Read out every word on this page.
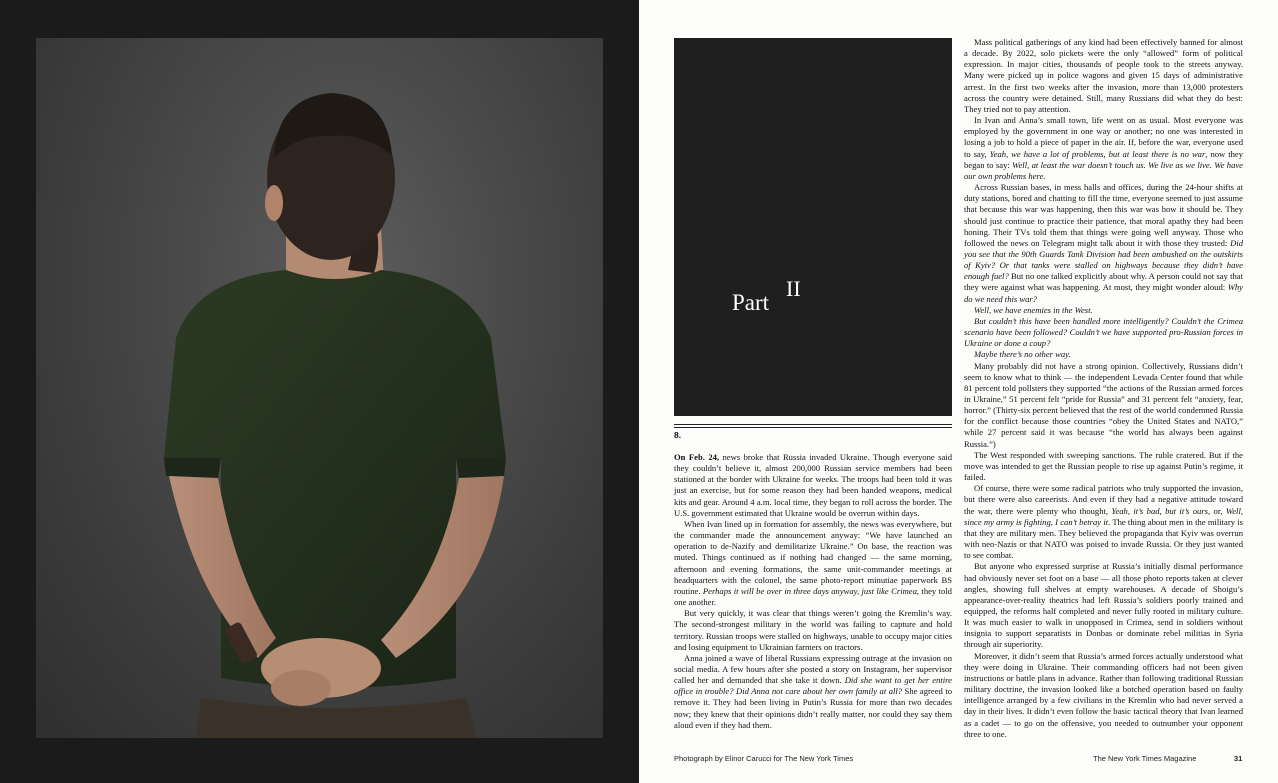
Part
II
8.

On Feb. 24, news broke that Russia invaded Ukraine. Though everyone said they couldn’t believe it, almost 200,000 Russian service members had been stationed at the border with Ukraine for weeks. The troops had been told it was just an exercise, but for some reason they had been handed weapons, medical kits and gear. Around 4 a.m. local time, they began to roll across the border. The U.S. government estimated that Ukraine would be overrun within days.

When Ivan lined up in formation for assembly, the news was everywhere, but the commander made the announcement anyway: “We have launched an operation to de-Nazify and demilitarize Ukraine.” On base, the reaction was muted. Things continued as if nothing had changed — the same morning, afternoon and evening formations, the same unit-commander meetings at headquarters with the colonel, the same photo-report minutiae paperwork BS routine. Perhaps it will be over in three days anyway, just like Crimea, they told one another.

But very quickly, it was clear that things weren’t going the Kremlin’s way. The second-strongest military in the world was failing to capture and hold territory. Russian troops were stalled on highways, unable to occupy major cities and losing equipment to Ukrainian farmers on tractors.

Anna joined a wave of liberal Russians expressing outrage at the invasion on social media. A few hours after she posted a story on Instagram, her supervisor called her and demanded that she take it down. Did she want to get her entire office in trouble? Did Anna not care about her own family at all? She agreed to remove it. They had been living in Putin’s Russia for more than two decades now; they knew that their opinions didn’t really matter, nor could they say them aloud even if they had them.

Mass political gatherings of any kind had been effectively banned for almost a decade. By 2022, solo pickets were the only “allowed” form of political expression. In major cities, thousands of people took to the streets anyway. Many were picked up in police wagons and given 15 days of administrative arrest. In the first two weeks after the invasion, more than 13,000 protesters across the country were detained. Still, many Russians did what they do best: They tried not to pay attention.

In Ivan and Anna’s small town, life went on as usual. Most everyone was employed by the government in one way or another; no one was interested in losing a job to hold a piece of paper in the air. If, before the war, everyone used to say, Yeah, we have a lot of problems, but at least there is no war, now they began to say: Well, at least the war doesn’t touch us. We live as we live. We have our own problems here.

Across Russian bases, in mess halls and offices, during the 24-hour shifts at duty stations, bored and chatting to fill the time, everyone seemed to just assume that because this war was happening, then this war was how it should be. They should just continue to practice their patience, that moral apathy they had been honing. Their TVs told them that things were going well anyway. Those who followed the news on Telegram might talk about it with those they trusted: Did you see that the 90th Guards Tank Division had been ambushed on the outskirts of Kyiv? Or that tanks were stalled on highways because they didn’t have enough fuel? But no one talked explicitly about why. A person could not say that they were against what was happening. At most, they might wonder aloud: Why do we need this war?

Well, we have enemies in the West.

But couldn’t this have been handled more intelligently? Couldn’t the Crimea scenario have been followed? Couldn’t we have supported pro-Russian forces in Ukraine or done a coup?

Maybe there’s no other way.

Many probably did not have a strong opinion. Collectively, Russians didn’t seem to know what to think — the independent Levada Center found that while 81 percent told pollsters they supported “the actions of the Russian armed forces in Ukraine,” 51 percent felt “pride for Russia” and 31 percent felt “anxiety, fear, horror.” (Thirty-six percent believed that the rest of the world condemned Russia for the conflict because those countries “obey the United States and NATO,” while 27 percent said it was because “the world has always been against Russia.”)

The West responded with sweeping sanctions. The ruble cratered. But if the move was intended to get the Russian people to rise up against Putin’s regime, it failed.

Of course, there were some radical patriots who truly supported the invasion, but there were also careerists. And even if they had a negative attitude toward the war, there were plenty who thought, Yeah, it’s bad, but it’s ours, or, Well, since my army is fighting, I can’t betray it. The thing about men in the military is that they are military men. They believed the propaganda that Kyiv was overrun with neo-Nazis or that NATO was poised to invade Russia. Or they just wanted to see combat.

But anyone who expressed surprise at Russia’s initially dismal performance had obviously never set foot on a base — all those photo reports taken at clever angles, showing full shelves at empty warehouses. A decade of Shoigu’s appearance-over-reality theatrics had left Russia’s soldiers poorly trained and equipped, the reforms half completed and never fully rooted in military culture. It was much easier to walk in unopposed in Crimea, send in soldiers without insignia to support separatists in Donbas or dominate rebel militias in Syria through air superiority.

Moreover, it didn’t seem that Russia’s armed forces actually understood what they were doing in Ukraine. Their commanding officers had not been given instructions or battle plans in advance. Rather than following traditional Russian military doctrine, the invasion looked like a botched operation based on faulty intelligence arranged by a few civilians in the Kremlin who had never served a day in their lives. It didn’t even follow the basic tactical theory that Ivan learned as a cadet — to go on the offensive, you needed to outnumber your opponent three to one.

Photograph by Elinor Carucci for The New York Times	The New York Times Magazine	31
